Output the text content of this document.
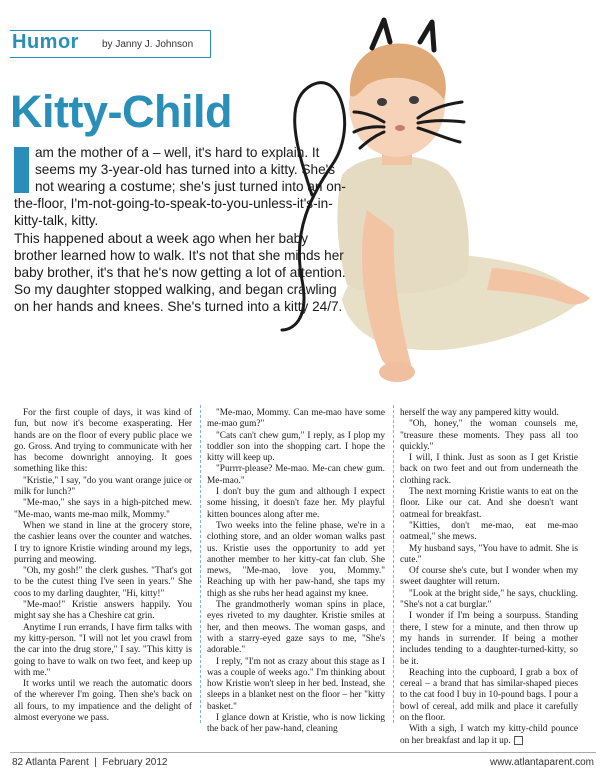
Humor by Janny J. Johnson
Kitty-Child

am the mother of a – well, it's hard to explain. It seems my 3-year-old has turned into a kitty. She's not wearing a costume; she's just turned into an on-the-floor, I'm-not-going-to-speak-to-you-unless-it's-in-kitty-talk, kitty.

This happened about a week ago when her baby brother learned how to walk. It's not that she minds her baby brother, it's that he's now getting a lot of attention. So my daughter stopped walking, and began crawling on her hands and knees. She's turned into a kitty 24/7.

For the first couple of days, it was kind of fun, but now it's become exasperating. Her hands are on the floor of every public place we go. Gross. And trying to communicate with her has become downright annoying. It goes something like this:

"Kristie," I say, "do you want orange juice or milk for lunch?"

"Me-mao," she says in a high-pitched mew. "Me-mao, wants me-mao milk, Mommy."

When we stand in line at the grocery store, the cashier leans over the counter and watches. I try to ignore Kristie winding around my legs, purring and meowing.

"Oh, my gosh!" the clerk gushes. "That's got to be the cutest thing I've seen in years." She coos to my darling daughter, "Hi, kitty!"

"Me-mao!" Kristie answers happily. You might say she has a Cheshire cat grin.

Anytime I run errands, I have firm talks with my kitty-person. "I will not let you crawl from the car into the drug store," I say. "This kitty is going to have to walk on two feet, and keep up with me."

It works until we reach the automatic doors of the wherever I'm going. Then she's back on all fours, to my impatience and the delight of almost everyone we pass.

"Me-mao, Mommy. Can me-mao have some me-mao gum?"

"Cats can't chew gum," I reply, as I plop my toddler son into the shopping cart. I hope the kitty will keep up.

"Purrrr-please? Me-mao. Me-can chew gum. Me-mao."

I don't buy the gum and although I expect some hissing, it doesn't faze her. My playful kitten bounces along after me.

Two weeks into the feline phase, we're in a clothing store, and an older woman walks past us. Kristie uses the opportunity to add yet another member to her kitty-cat fan club. She mews, "Me-mao, love you, Mommy." Reaching up with her paw-hand, she taps my thigh as she rubs her head against my knee.

The grandmotherly woman spins in place, eyes riveted to my daughter. Kristie smiles at her, and then meows. The woman gasps, and with a starry-eyed gaze says to me, "She's adorable."

I reply, "I'm not as crazy about this stage as I was a couple of weeks ago." I'm thinking about how Kristie won't sleep in her bed. Instead, she sleeps in a blanket nest on the floor – her "kitty basket."

I glance down at Kristie, who is now licking the back of her paw-hand, cleaning

herself the way any pampered kitty would.

"Oh, honey," the woman counsels me, "treasure these moments. They pass all too quickly."

I will, I think. Just as soon as I get Kristie back on two feet and out from underneath the clothing rack.

The next morning Kristie wants to eat on the floor. Like our cat. And she doesn't want oatmeal for breakfast.

"Kitties, don't me-mao, eat me-mao oatmeal," she mews.

My husband says, "You have to admit. She is cute."

Of course she's cute, but I wonder when my sweet daughter will return.

"Look at the bright side," he says, chuckling. "She's not a cat burglar."

I wonder if I'm being a sourpuss. Standing there, I stew for a minute, and then throw up my hands in surrender. If being a mother includes tending to a daughter-turned-kitty, so be it.

Reaching into the cupboard, I grab a box of cereal – a brand that has similar-shaped pieces to the cat food I buy in 10-pound bags. I pour a bowl of cereal, add milk and place it carefully on the floor.

With a sigh, I watch my kitty-child pounce on her breakfast and lap it up.

82 Atlanta Parent  |  February 2012	www.atlantaparent.com
